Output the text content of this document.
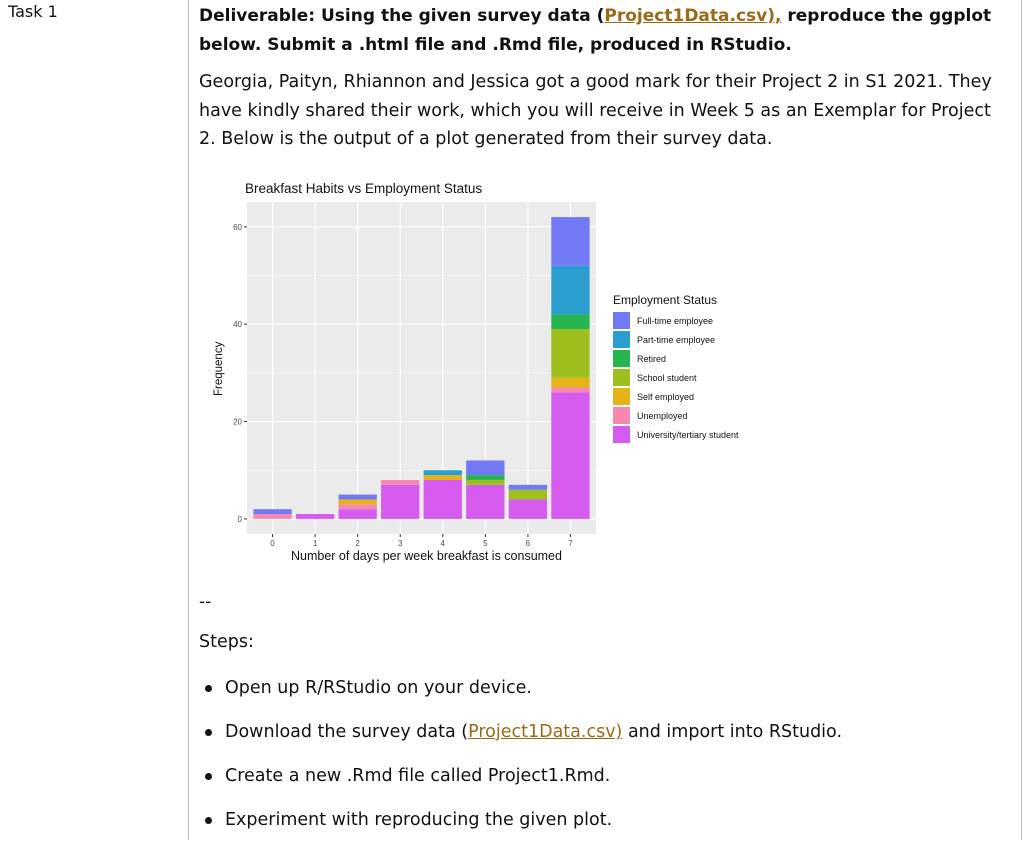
Task 1	Deliverable: Using the given survey data (Project1Data.csv), reproduce the ggplot below. Submit a .html file and .Rmd file, produced in RStudio.
Georgia, Paityn, Rhiannon and Jessica got a good mark for their Project 2 in S1 2021. They have kindly shared their work, which you will receive in Week 5 as an Exemplar for Project 2. Below is the output of a plot generated from their survey data.
Breakfast Habits vs Employment Status
0
20
40
60
0	1	2	3	4	5	6	7
Number of days per week breakfast is consumed
Frequency
Employment Status
Full-time employee
Part-time employee
Retired
School student
Self employed
Unemployed
University/tertiary student
--
Steps:
Open up R/RStudio on your device.
Download the survey data (Project1Data.csv) and import into RStudio.
Create a new .Rmd file called Project1.Rmd.
Experiment with reproducing the given plot.
